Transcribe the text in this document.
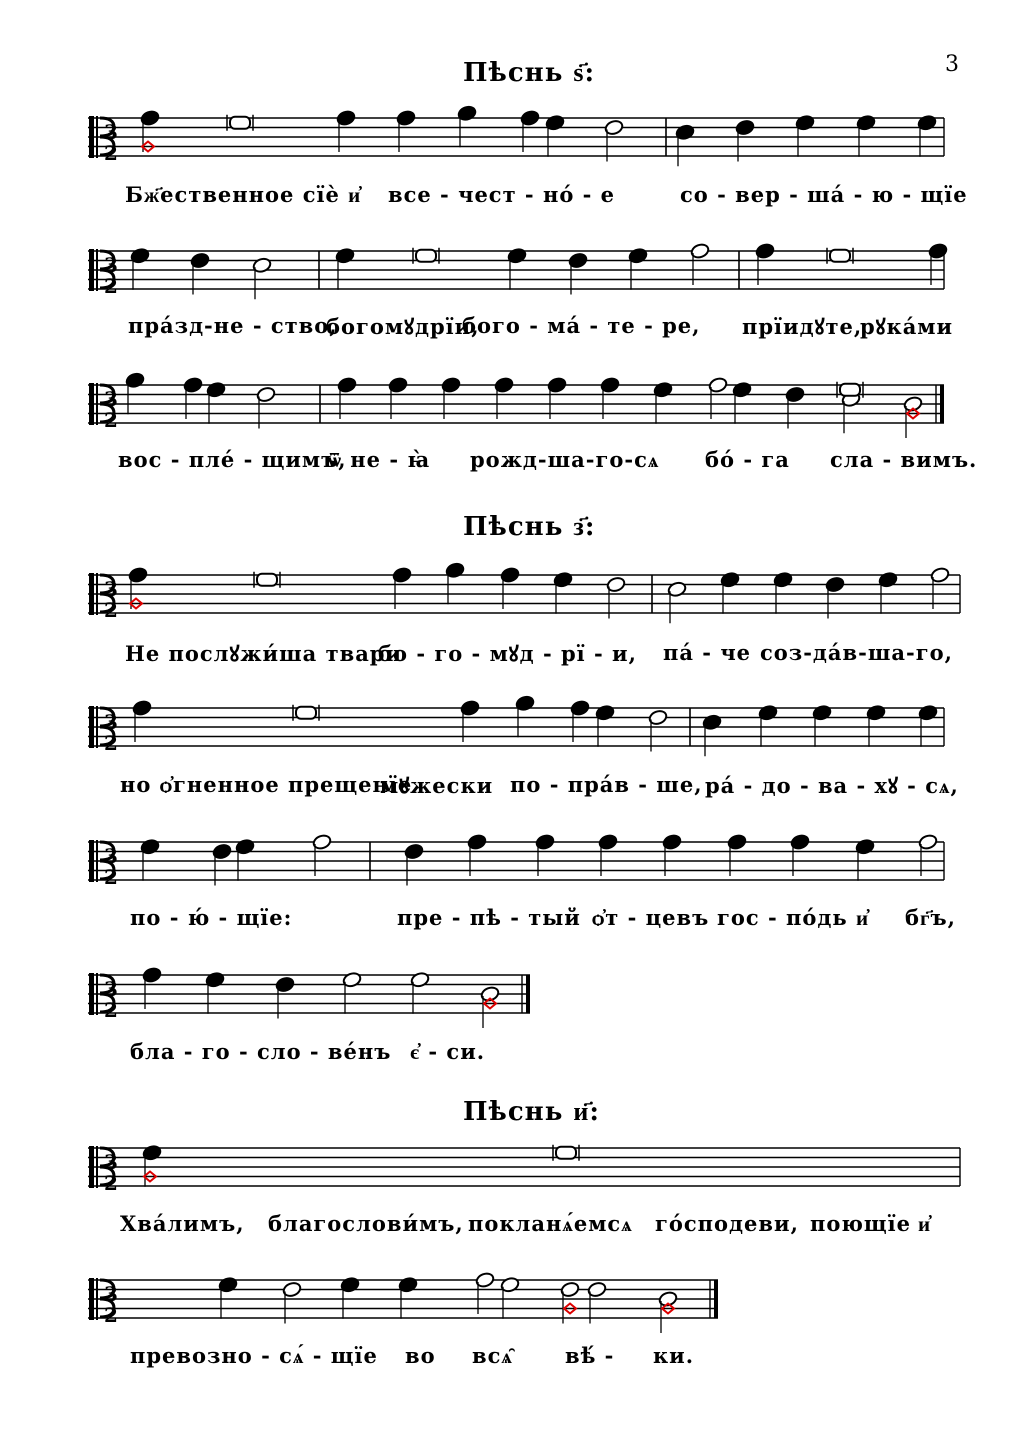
3
Пѣснь ѕ҃:
Пѣснь з҃:
Пѣснь и҃:
3
2
3
2
3
2
3
2
3
2
3
2
3
2
3
2
3
2
Бж҃ественное сїѐ и҆ все - чест - но́ - е	со - вер - ша́ - ю - щїе
пра́зд-не - ство,
богомꙋдрїи,
бого - ма́ - те - ре, прїидꙋте,
рꙋка́ми
вос - пле́ - щимъ,
ѿ не - ꙗ̀ рожд-ша-го-сѧ бо́ - га сла - вимъ.
Не послꙋжи́ша твари
бо - го - мꙋд - рї - и, па́ - че соз-да́в-ша-го,
но ѻ҆гненное прещенїе
мꙋжески по - пра́в - ше, ра́ - до - ва - хꙋ - сѧ,
по - ю́ - щїе:	пре - пѣ - тый ѻ҆т - цевъ гос - по́дь и҆ бг҃ъ,
бла - го - сло - ве́нъ є҆ - си.
Хва́лимъ, благослови́мъ, покланѧ́емсѧ го́сподеви, поющїе и҆
превозно - сѧ́ - щїе во всѧ̑ вѣ́ - ки.
